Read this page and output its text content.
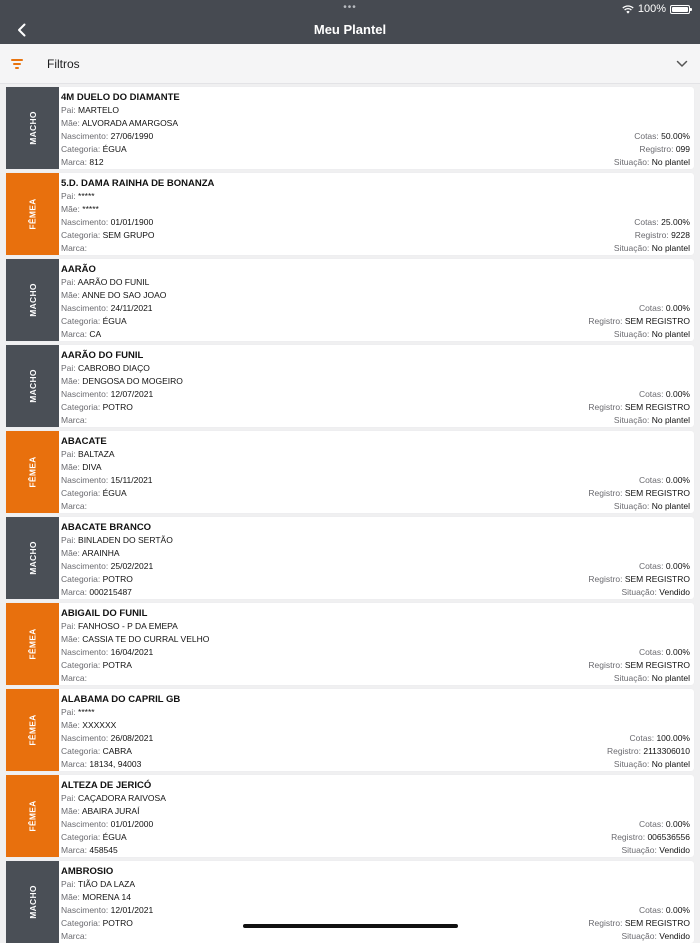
•••	100%
Meu Plantel
Filtros
MACHO
4M DUELO DO DIAMANTE
Pai: MARTELO
Mãe: ALVORADA AMARGOSA
Nascimento: 27/06/1990
Categoria: ÉGUA
Marca: 812
Cotas: 50.00%
Registro: 099
Situação: No plantel
FÊMEA
5.D. DAMA RAINHA DE BONANZA
Pai: *****
Mãe: *****
Nascimento: 01/01/1900
Categoria: SEM GRUPO
Marca:
Cotas: 25.00%
Registro: 9228
Situação: No plantel
MACHO
AARÃO
Pai: AARÃO DO FUNIL
Mãe: ANNE DO SAO JOAO
Nascimento: 24/11/2021
Categoria: ÉGUA
Marca: CA
Cotas: 0.00%
Registro: SEM REGISTRO
Situação: No plantel
MACHO
AARÃO DO FUNIL
Pai: CABROBO DIAÇO
Mãe: DENGOSA DO MOGEIRO
Nascimento: 12/07/2021
Categoria: POTRO
Marca:
Cotas: 0.00%
Registro: SEM REGISTRO
Situação: No plantel
FÊMEA
ABACATE
Pai: BALTAZA
Mãe: DIVA
Nascimento: 15/11/2021
Categoria: ÉGUA
Marca:
Cotas: 0.00%
Registro: SEM REGISTRO
Situação: No plantel
MACHO
ABACATE BRANCO
Pai: BINLADEN DO SERTÃO
Mãe: ARAINHA
Nascimento: 25/02/2021
Categoria: POTRO
Marca: 000215487
Cotas: 0.00%
Registro: SEM REGISTRO
Situação: Vendido
FÊMEA
ABIGAIL DO FUNIL
Pai: FANHOSO - P DA EMEPA
Mãe: CASSIA TE DO CURRAL VELHO
Nascimento: 16/04/2021
Categoria: POTRA
Marca:
Cotas: 0.00%
Registro: SEM REGISTRO
Situação: No plantel
FÊMEA
ALABAMA DO CAPRIL GB
Pai: *****
Mãe: XXXXXX
Nascimento: 26/08/2021
Categoria: CABRA
Marca: 18134, 94003
Cotas: 100.00%
Registro: 2113306010
Situação: No plantel
FÊMEA
ALTEZA DE JERICÓ
Pai: CAÇADORA RAIVOSA
Mãe: ABAIRA JURAÍ
Nascimento: 01/01/2000
Categoria: ÉGUA
Marca: 458545
Cotas: 0.00%
Registro: 006536556
Situação: Vendido
MACHO
AMBROSIO
Pai: TIÃO DA LAZA
Mãe: MORENA 14
Nascimento: 12/01/2021
Categoria: POTRO
Marca:
Cotas: 0.00%
Registro: SEM REGISTRO
Situação: Vendido
